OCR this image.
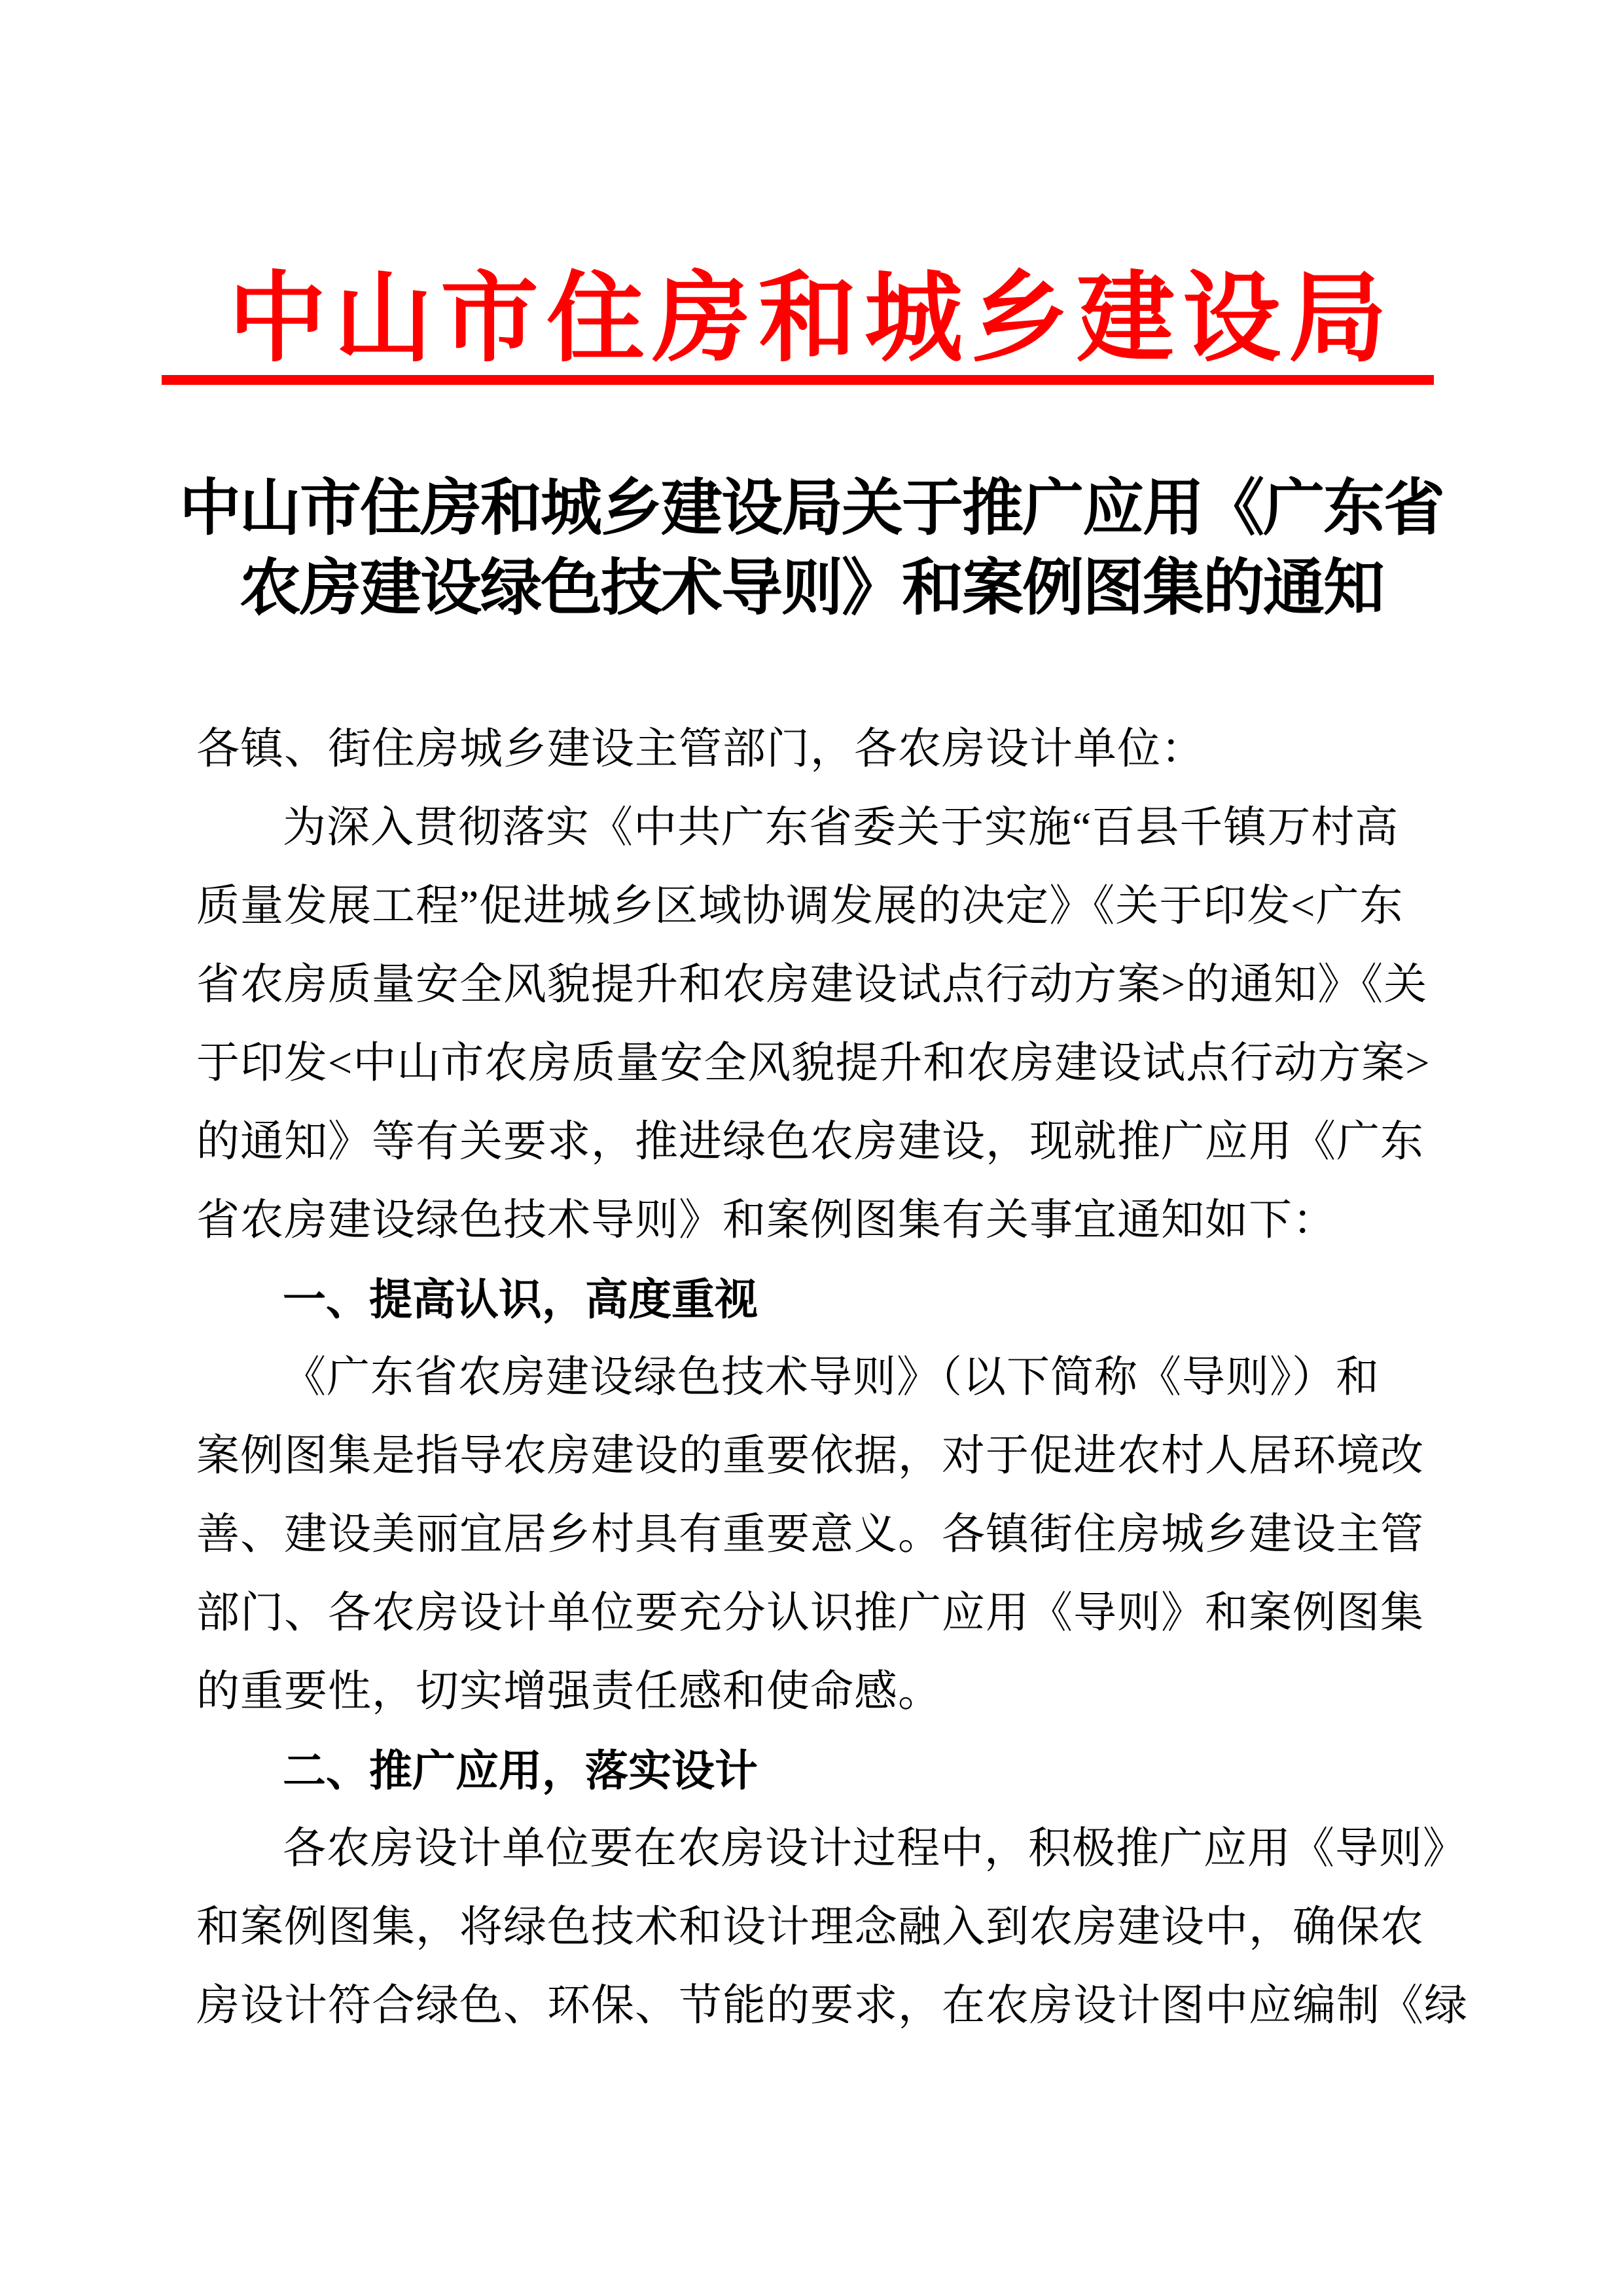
中山市住房和城乡建设局
中山市住房和城乡建设局关于推广应用《广东省
农房建设绿色技术导则》和案例图集的通知
各镇、街住房城乡建设主管部门，各农房设计单位：
为深入贯彻落实《中共广东省委关于实施“百县千镇万村高
质量发展工程”促进城乡区域协调发展的决定》《关于印发<广东
省农房质量安全风貌提升和农房建设试点行动方案>的通知》《关
于印发<中山市农房质量安全风貌提升和农房建设试点行动方案>
的通知》等有关要求，推进绿色农房建设，现就推广应用《广东
省农房建设绿色技术导则》和案例图集有关事宜通知如下：
一、提高认识，高度重视
《广东省农房建设绿色技术导则》（以下简称《导则》）和
案例图集是指导农房建设的重要依据，对于促进农村人居环境改
善、建设美丽宜居乡村具有重要意义。各镇街住房城乡建设主管
部门、各农房设计单位要充分认识推广应用《导则》和案例图集
的重要性，切实增强责任感和使命感。
二、推广应用，落实设计
各农房设计单位要在农房设计过程中，积极推广应用《导则》
和案例图集，将绿色技术和设计理念融入到农房建设中，确保农
房设计符合绿色、环保、节能的要求，在农房设计图中应编制《绿
